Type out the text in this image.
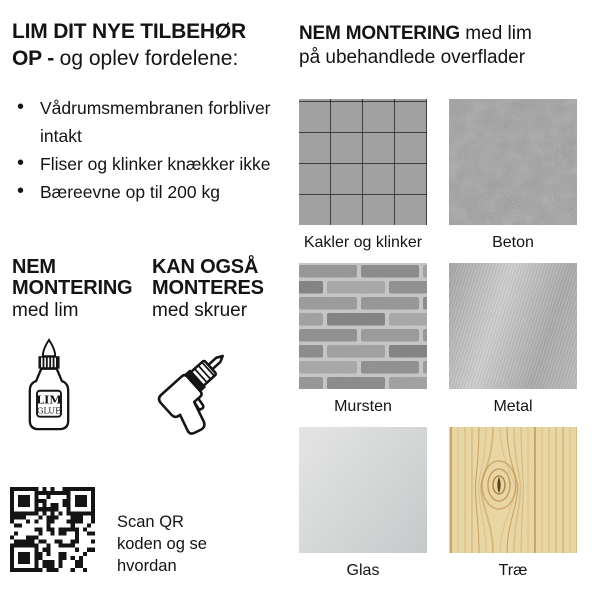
LIM DIT NYE TILBEHØR
OP - og oplev fordelene:
• Vådrumsmembranen forbliver intakt
• Fliser og klinker knækker ikke
• Bæreevne op til 200 kg
NEM
MONTERING
med lim
LIM
GLUE
KAN OGSÅ
MONTERES
med skruer
Scan QR
koden og se
hvordan
NEM MONTERING med lim
på ubehandlede overflader
Kakler og klinker	Beton
Mursten	Metal
Glas	Træ
